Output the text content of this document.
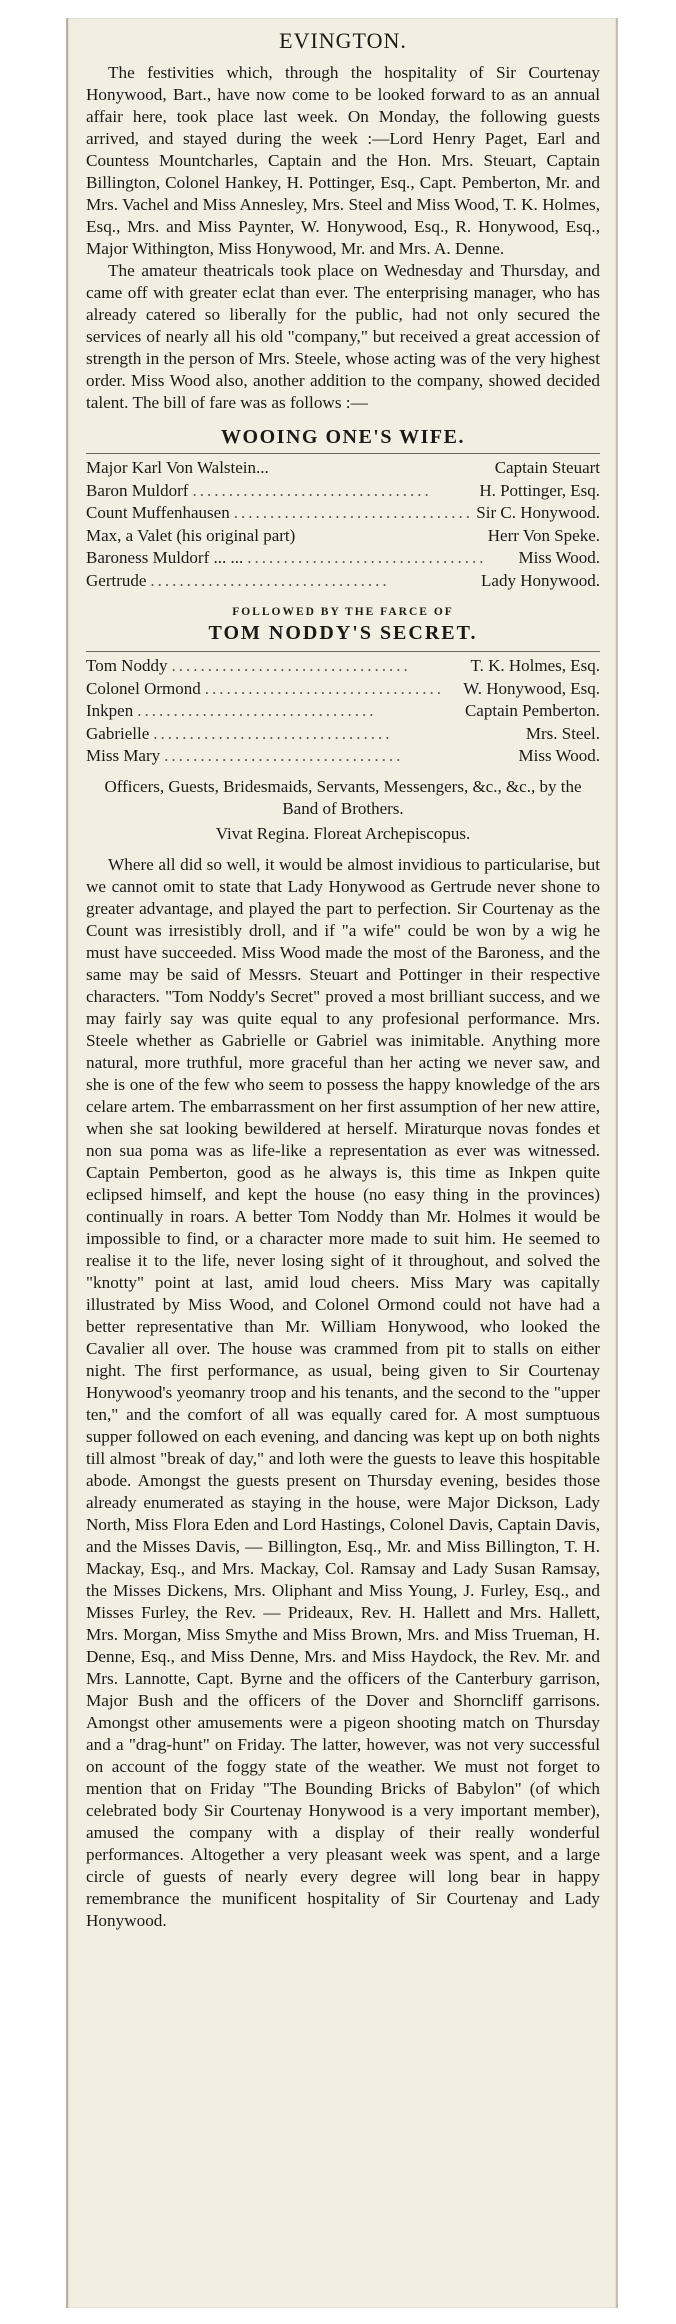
EVINGTON.

The festivities which, through the hospitality of Sir Courtenay Honywood, Bart., have now come to be looked forward to as an annual affair here, took place last week. On Monday, the following guests arrived, and stayed during the week :—Lord Henry Paget, Earl and Countess Mountcharles, Captain and the Hon. Mrs. Steuart, Captain Billington, Colonel Hankey, H. Pottinger, Esq., Capt. Pemberton, Mr. and Mrs. Vachel and Miss Annesley, Mrs. Steel and Miss Wood, T. K. Holmes, Esq., Mrs. and Miss Paynter, W. Honywood, Esq., R. Honywood, Esq., Major Withington, Miss Honywood, Mr. and Mrs. A. Denne.

The amateur theatricals took place on Wednesday and Thursday, and came off with greater eclat than ever. The enterprising manager, who has already catered so liberally for the public, had not only secured the services of nearly all his old "company," but received a great accession of strength in the person of Mrs. Steele, whose acting was of the very highest order. Miss Wood also, another addition to the company, showed decided talent. The bill of fare was as follows :—

WOOING ONE'S WIFE.
Major Karl Von Walstein...	Captain Steuart
Baron Muldorf .................................	H. Pottinger, Esq.
Count Muffenhausen ................................. Sir C. Honywood.
Max, a Valet (his original part)	Herr Von Speke.
Baroness Muldorf ... ... .................................	Miss Wood.
Gertrude .................................	Lady Honywood.
FOLLOWED BY THE FARCE OF
TOM NODDY'S SECRET.
Tom Noddy .................................	T. K. Holmes, Esq.
Colonel Ormond .................................	W. Honywood, Esq.
Inkpen .................................	Captain Pemberton.
Gabrielle .................................	Mrs. Steel.
Miss Mary .................................	Miss Wood.
Officers, Guests, Bridesmaids, Servants, Messengers, &c., &c., by the Band of Brothers.
Vivat Regina. Floreat Archepiscopus.

Where all did so well, it would be almost invidious to particularise, but we cannot omit to state that Lady Honywood as Gertrude never shone to greater advantage, and played the part to perfection. Sir Courtenay as the Count was irresistibly droll, and if "a wife" could be won by a wig he must have succeeded. Miss Wood made the most of the Baroness, and the same may be said of Messrs. Steuart and Pottinger in their respective characters. "Tom Noddy's Secret" proved a most brilliant success, and we may fairly say was quite equal to any profesional performance. Mrs. Steele whether as Gabrielle or Gabriel was inimitable. Anything more natural, more truthful, more graceful than her acting we never saw, and she is one of the few who seem to possess the happy knowledge of the ars celare artem. The embarrassment on her first assumption of her new attire, when she sat looking bewildered at herself. Miraturque novas fondes et non sua poma was as life-like a representation as ever was witnessed. Captain Pemberton, good as he always is, this time as Inkpen quite eclipsed himself, and kept the house (no easy thing in the provinces) continually in roars. A better Tom Noddy than Mr. Holmes it would be impossible to find, or a character more made to suit him. He seemed to realise it to the life, never losing sight of it throughout, and solved the "knotty" point at last, amid loud cheers. Miss Mary was capitally illustrated by Miss Wood, and Colonel Ormond could not have had a better representative than Mr. William Honywood, who looked the Cavalier all over. The house was crammed from pit to stalls on either night. The first performance, as usual, being given to Sir Courtenay Honywood's yeomanry troop and his tenants, and the second to the "upper ten," and the comfort of all was equally cared for. A most sumptuous supper followed on each evening, and dancing was kept up on both nights till almost "break of day," and loth were the guests to leave this hospitable abode. Amongst the guests present on Thursday evening, besides those already enumerated as staying in the house, were Major Dickson, Lady North, Miss Flora Eden and Lord Hastings, Colonel Davis, Captain Davis, and the Misses Davis, — Billington, Esq., Mr. and Miss Billington, T. H. Mackay, Esq., and Mrs. Mackay, Col. Ramsay and Lady Susan Ramsay, the Misses Dickens, Mrs. Oliphant and Miss Young, J. Furley, Esq., and Misses Furley, the Rev. — Prideaux, Rev. H. Hallett and Mrs. Hallett, Mrs. Morgan, Miss Smythe and Miss Brown, Mrs. and Miss Trueman, H. Denne, Esq., and Miss Denne, Mrs. and Miss Haydock, the Rev. Mr. and Mrs. Lannotte, Capt. Byrne and the officers of the Canterbury garrison, Major Bush and the officers of the Dover and Shorncliff garrisons. Amongst other amusements were a pigeon shooting match on Thursday and a "drag-hunt" on Friday. The latter, however, was not very successful on account of the foggy state of the weather. We must not forget to mention that on Friday "The Bounding Bricks of Babylon" (of which celebrated body Sir Courtenay Honywood is a very important member), amused the company with a display of their really wonderful performances. Altogether a very pleasant week was spent, and a large circle of guests of nearly every degree will long bear in happy remembrance the munificent hospitality of Sir Courtenay and Lady Honywood.
